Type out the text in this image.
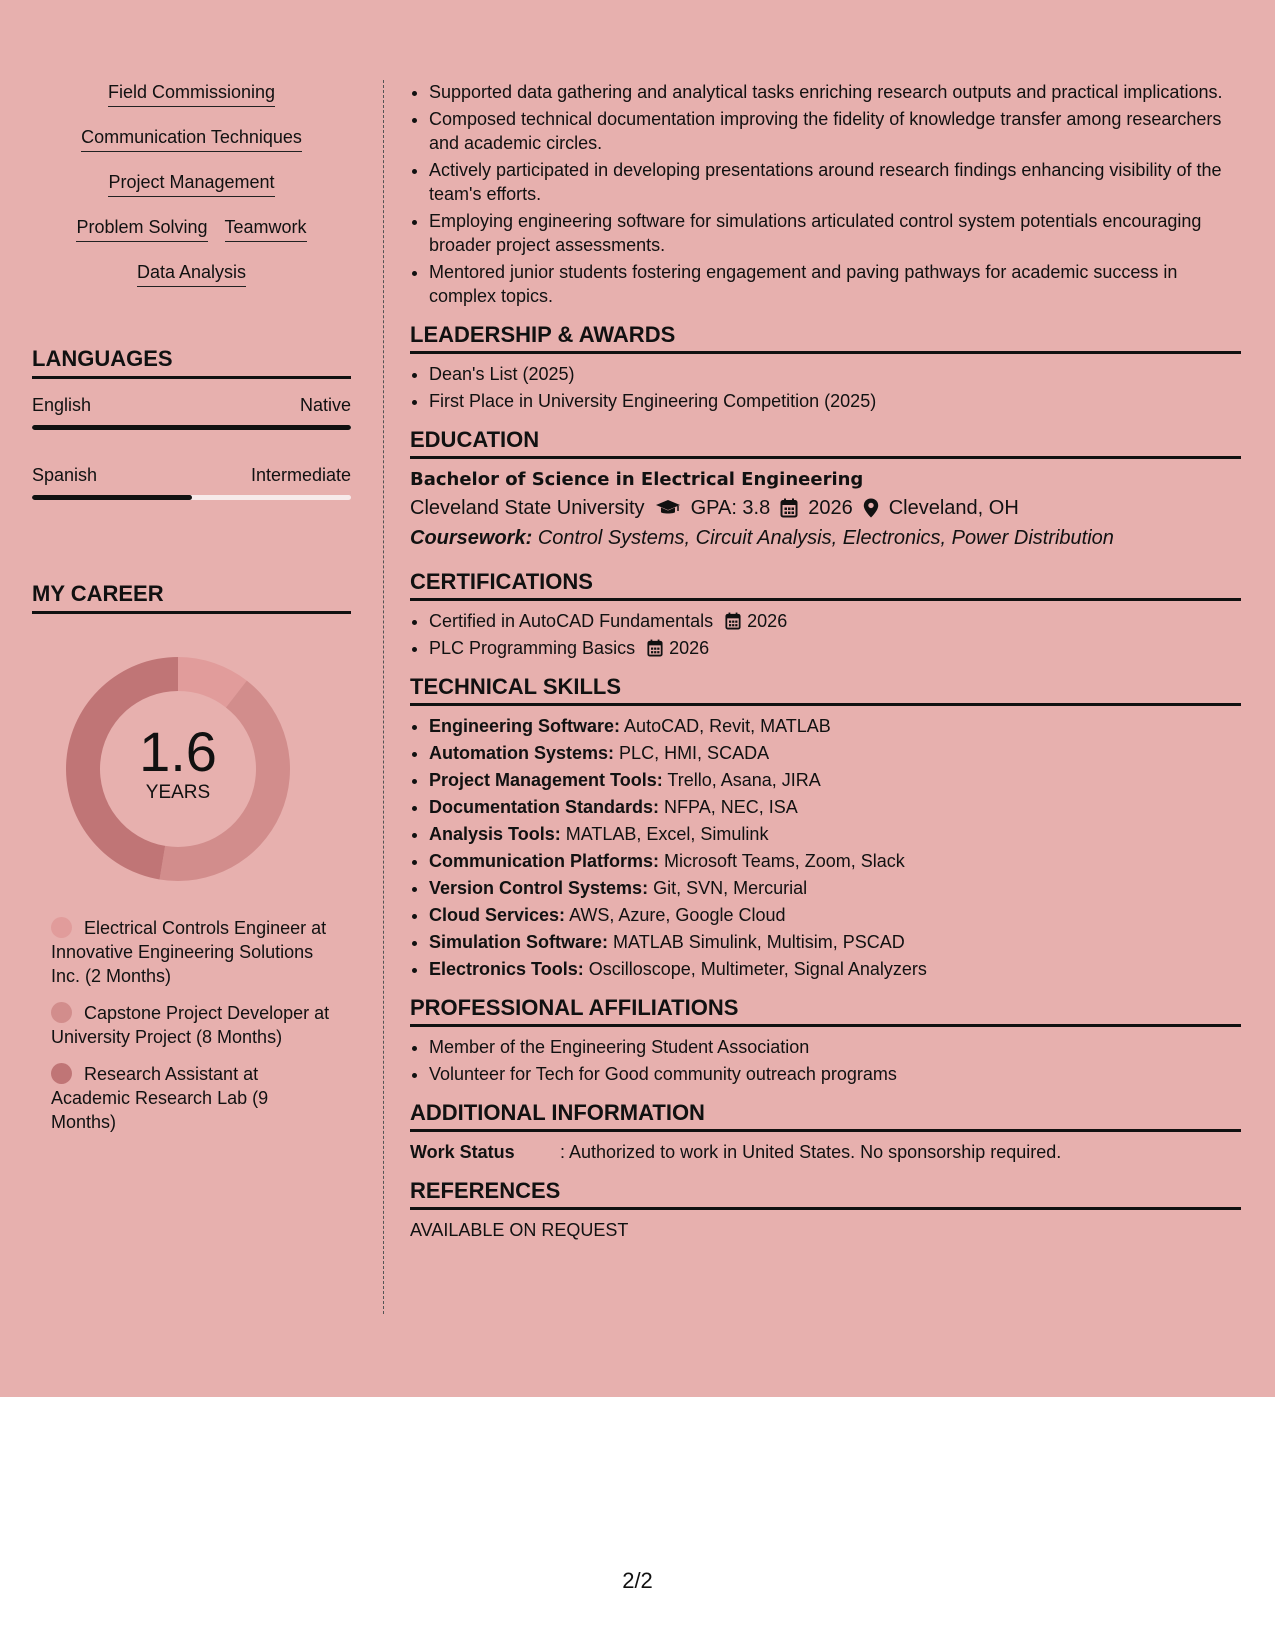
Field Commissioning
Communication Techniques
Project Management
Problem Solving Teamwork
Data Analysis
LANGUAGES
English	Native
Spanish	Intermediate
MY CAREER
1.6
YEARS
Electrical Controls Engineer at Innovative Engineering Solutions Inc. (2 Months)
Capstone Project Developer at University Project (8 Months)
Research Assistant at Academic Research Lab (9 Months)
• Supported data gathering and analytical tasks enriching research outputs and practical implications.
• Composed technical documentation improving the fidelity of knowledge transfer among researchers and academic circles.
• Actively participated in developing presentations around research findings enhancing visibility of the team's efforts.
• Employing engineering software for simulations articulated control system potentials encouraging broader project assessments.
• Mentored junior students fostering engagement and paving pathways for academic success in complex topics.
LEADERSHIP & AWARDS
• Dean's List (2025)
• First Place in University Engineering Competition (2025)
EDUCATION
Bachelor of Science in Electrical Engineering
Cleveland State University GPA: 3.8 2026 Cleveland, OH
Coursework: Control Systems, Circuit Analysis, Electronics, Power Distribution
CERTIFICATIONS
• Certified in AutoCAD Fundamentals 2026
• PLC Programming Basics 2026
TECHNICAL SKILLS
• Engineering Software: AutoCAD, Revit, MATLAB
• Automation Systems: PLC, HMI, SCADA
• Project Management Tools: Trello, Asana, JIRA
• Documentation Standards: NFPA, NEC, ISA
• Analysis Tools: MATLAB, Excel, Simulink
• Communication Platforms: Microsoft Teams, Zoom, Slack
• Version Control Systems: Git, SVN, Mercurial
• Cloud Services: AWS, Azure, Google Cloud
• Simulation Software: MATLAB Simulink, Multisim, PSCAD
• Electronics Tools: Oscilloscope, Multimeter, Signal Analyzers
PROFESSIONAL AFFILIATIONS
• Member of the Engineering Student Association
• Volunteer for Tech for Good community outreach programs
ADDITIONAL INFORMATION
Work Status	: Authorized to work in United States. No sponsorship required.
REFERENCES
AVAILABLE ON REQUEST
2/2
